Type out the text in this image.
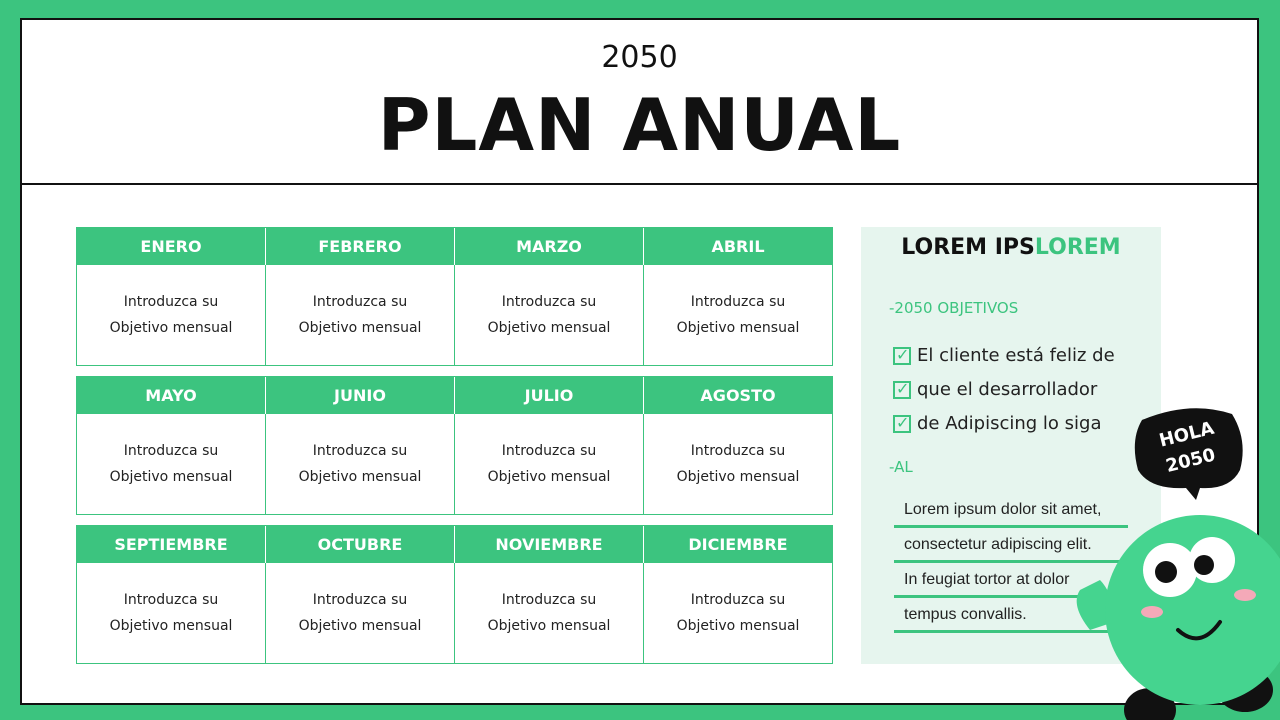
2050
PLAN ANUAL
ENERO	FEBRERO	MARZO	ABRIL
Introduzca su
Objetivo mensual
Introduzca su
Objetivo mensual
Introduzca su
Objetivo mensual
Introduzca su
Objetivo mensual
MAYO	JUNIO	JULIO	AGOSTO
Introduzca su
Objetivo mensual
Introduzca su
Objetivo mensual
Introduzca su
Objetivo mensual
Introduzca su
Objetivo mensual
SEPTIEMBRE	OCTUBRE	NOVIEMBRE	DICIEMBRE
Introduzca su
Objetivo mensual
Introduzca su
Objetivo mensual
Introduzca su
Objetivo mensual
Introduzca su
Objetivo mensual
LOREM IPSLOREM
-2050 OBJETIVOS
✓ El cliente está feliz de
✓ que el desarrollador
✓ de Adipiscing lo siga
-AL
Lorem ipsum dolor sit amet,
consectetur adipiscing elit.
In feugiat tortor at dolor
tempus convallis.
HOLA
2050
